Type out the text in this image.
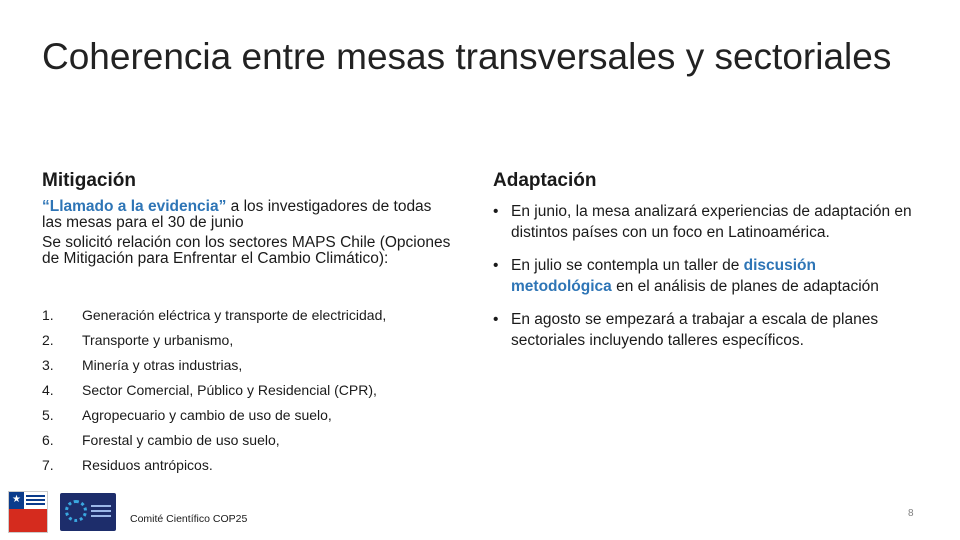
Coherencia entre mesas transversales y sectoriales
Mitigación	Adaptación

“Llamado a la evidencia” a los investigadores de todas las mesas para el 30 de junio

Se solicitó relación con los sectores MAPS Chile (Opciones de Mitigación para Enfrentar el Cambio Climático):

1.	Generación eléctrica y transporte de electricidad,
2.	Transporte y urbanismo,
3.	Minería y otras industrias,
4.	Sector Comercial, Público y Residencial (CPR),
5.	Agropecuario y cambio de uso de suelo,
6.	Forestal y cambio de uso suelo,
7.	Residuos antrópicos.
• En junio, la mesa analizará experiencias de adaptación en distintos países con un foco en Latinoamérica.
• En julio se contempla un taller de discusión metodológica en el análisis de planes de adaptación
• En agosto se empezará a trabajar a escala de planes sectoriales incluyendo talleres específicos.
★
Comité Científico COP25	8
